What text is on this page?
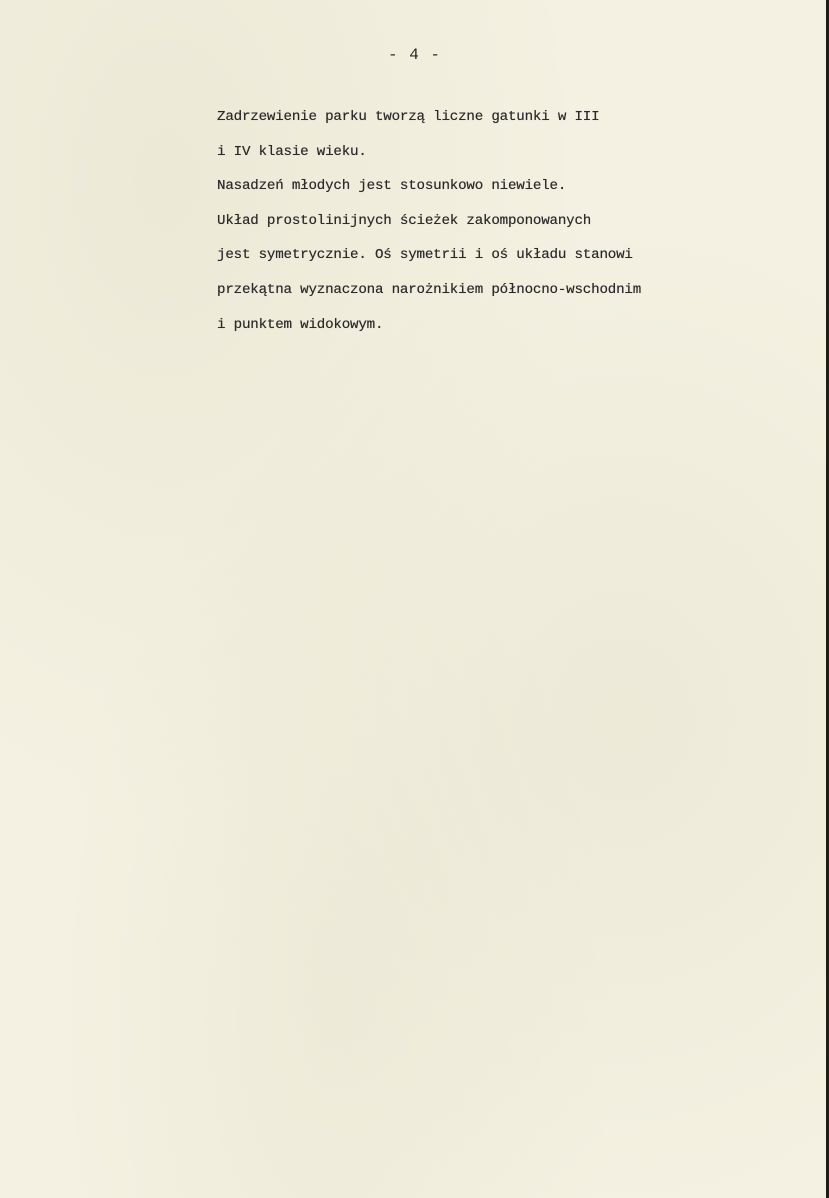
- 4 -
Zadrzewienie parku tworzą liczne gatunki w III
i IV klasie wieku.
Nasadzeń młodych jest stosunkowo niewiele.
Układ prostolinijnych ścieżek zakomponowanych
jest symetrycznie. Oś symetrii i oś układu stanowi
przekątna wyznaczona narożnikiem północno-wschodnim
i punktem widokowym.
